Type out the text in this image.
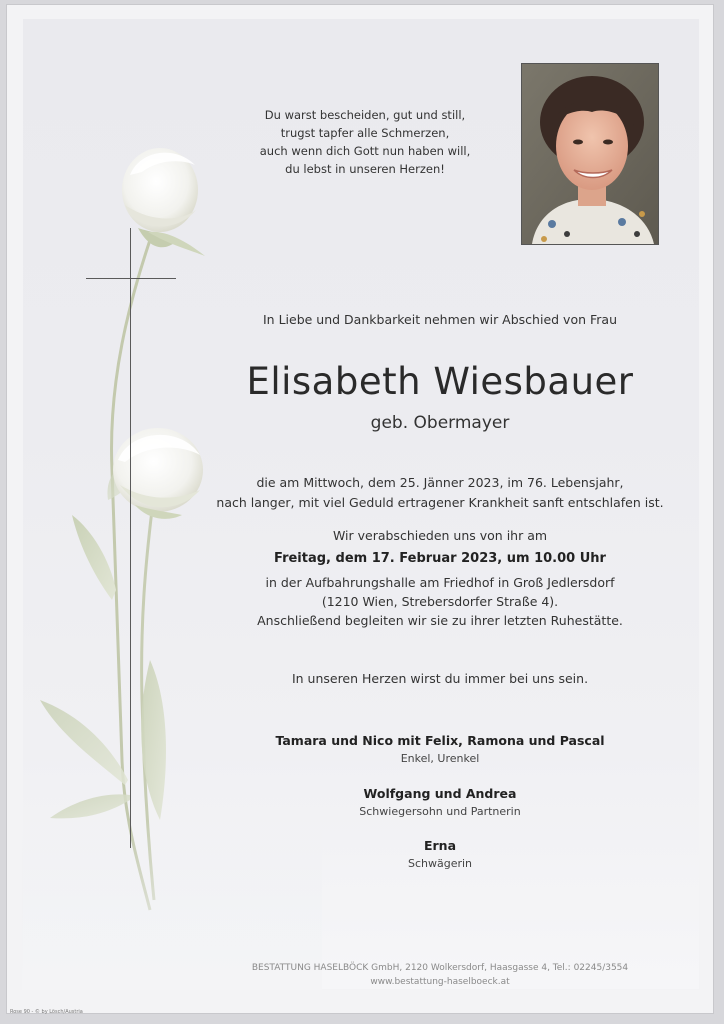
Du warst bescheiden, gut und still,
trugst tapfer alle Schmerzen,
auch wenn dich Gott nun haben will,
du lebst in unseren Herzen!
In Liebe und Dankbarkeit nehmen wir Abschied von Frau
Elisabeth Wiesbauer
geb. Obermayer
die am Mittwoch, dem 25. Jänner 2023, im 76. Lebensjahr,
nach langer, mit viel Geduld ertragener Krankheit sanft entschlafen ist.
Wir verabschieden uns von ihr am
Freitag, dem 17. Februar 2023, um 10.00 Uhr
in der Aufbahrungshalle am Friedhof in Groß Jedlersdorf
(1210 Wien, Strebersdorfer Straße 4).
Anschließend begleiten wir sie zu ihrer letzten Ruhestätte.
In unseren Herzen wirst du immer bei uns sein.
Tamara und Nico mit Felix, Ramona und Pascal
Enkel, Urenkel
Wolfgang und Andrea
Schwiegersohn und Partnerin
Erna
Schwägerin
BESTATTUNG HASELBÖCK GmbH, 2120 Wolkersdorf, Haasgasse 4, Tel.: 02245/3554
www.bestattung-haselboeck.at
Rose 90 - © by Lösch/Austria
